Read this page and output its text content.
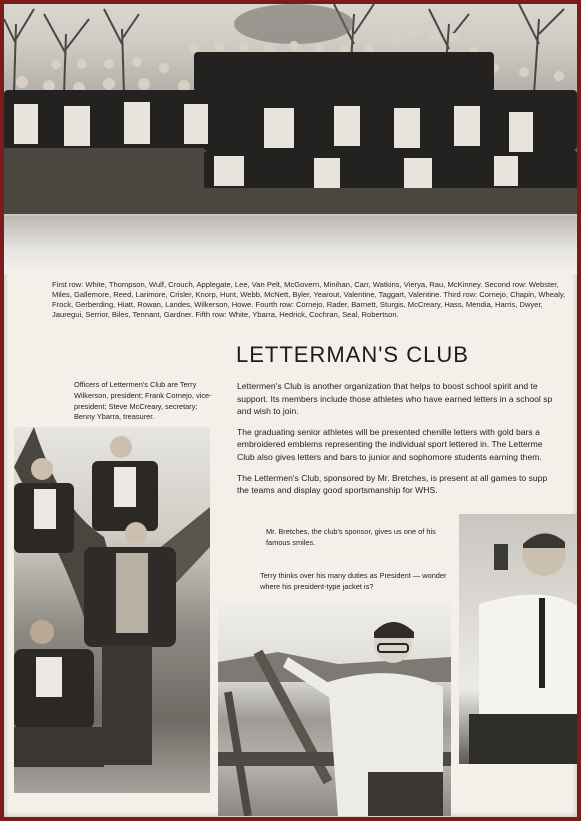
First row: White, Thompson, Wulf, Crouch, Applegate, Lee, Van Pelt, McGovern, Minihan, Carr, Watkins, Vierya, Rau, McKinney. Second row: Webster, Miles, Gallemore, Reed, Larimore, Crisler, Knorp, Hunt, Webb, McNett, Byler, Yearout, Valentine, Taggart, Valentine. Third row: Cornejo, Chapin, Whealy, Frock, Gerberding, Hiatt, Rowan, Landes, Wilkerson, Howe. Fourth row: Cornejo, Rader, Barnett, Sturgis, McCreary, Hass, Mendia, Harris, Dwyer, Jauregui, Serrior, Biles, Tennant, Gardner. Fifth row: White, Ybarra, Hedrick, Cochran, Seal, Robertson.
LETTERMAN'S CLUB
Officers of Lettermen's Club are Terry Wilkerson, president; Frank Cornejo, vice-president; Steve McCreary, secretary; Benny Ybarra, treasurer.

Lettermen's Club is another organization that helps to boost school spirit and te
support. Its members include those athletes who have earned letters in a school sp
and wish to join.

The graduating senior athletes will be presented chenille letters with gold bars a
embroidered emblems representing the individual sport lettered in. The Letterme
Club also gives letters and bars to junior and sophomore students earning them.

The Lettermen's Club, sponsored by Mr. Bretches, is present at all games to supp
the teams and display good sportsmanship for WHS.

Mr. Bretches, the club's sponsor, gives us one of his famous smiles.
Terry thinks over his many duties as President — wonder where his president-type jacket is?
